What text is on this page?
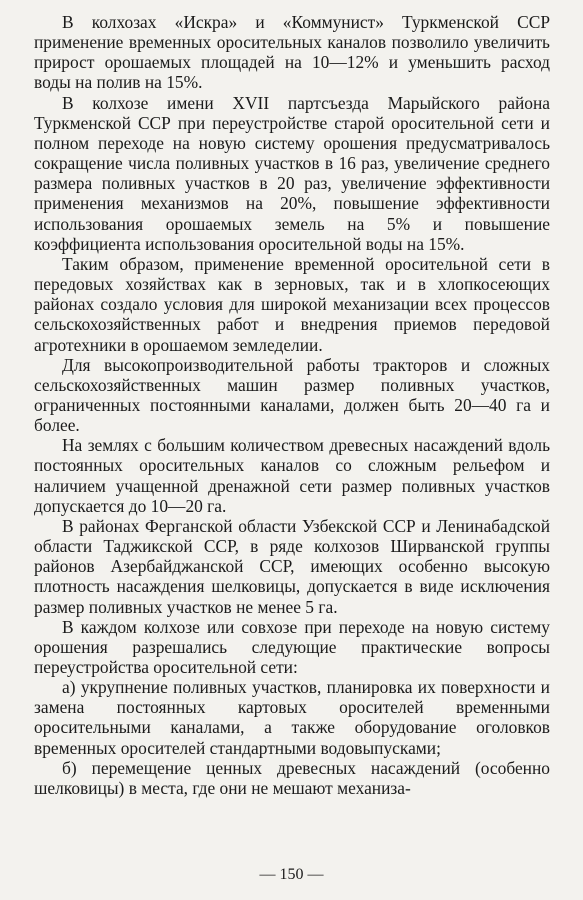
В колхозах «Искра» и «Коммунист» Туркменской ССР применение временных оросительных каналов позволило увеличить прирост орошаемых площадей на 10—12% и уменьшить расход воды на полив на 15%.

В колхозе имени XVII партсъезда Марыйского района Туркменской ССР при переустройстве старой оросительной сети и полном переходе на новую систему орошения предусматривалось сокращение числа поливных участков в 16 раз, увеличение среднего размера поливных участков в 20 раз, увеличение эффективности применения механизмов на 20%, повышение эффективности использования орошаемых земель на 5% и повышение коэффициента использования оросительной воды на 15%.

Таким образом, применение временной оросительной сети в передовых хозяйствах как в зерновых, так и в хлопкосеющих районах создало условия для широкой механизации всех процессов сельскохозяйственных работ и внедрения приемов передовой агротехники в орошаемом земледелии.

Для высокопроизводительной работы тракторов и сложных сельскохозяйственных машин размер поливных участков, ограниченных постоянными каналами, должен быть 20—40 га и более.

На землях с большим количеством древесных насаждений вдоль постоянных оросительных каналов со сложным рельефом и наличием учащенной дренажной сети размер поливных участков допускается до 10—20 га.

В районах Ферганской области Узбекской ССР и Ленинабадской области Таджикской ССР, в ряде колхозов Ширванской группы районов Азербайджанской ССР, имеющих особенно высокую плотность насаждения шелковицы, допускается в виде исключения размер поливных участков не менее 5 га.

В каждом колхозе или совхозе при переходе на новую систему орошения разрешались следующие практические вопросы переустройства оросительной сети:

а) укрупнение поливных участков, планировка их поверхности и замена постоянных картовых оросителей временными оросительными каналами, а также оборудование оголовков временных оросителей стандартными водовыпусками;

б) перемещение ценных древесных насаждений (особенно шелковицы) в места, где они не мешают механиза-

— 150 —
